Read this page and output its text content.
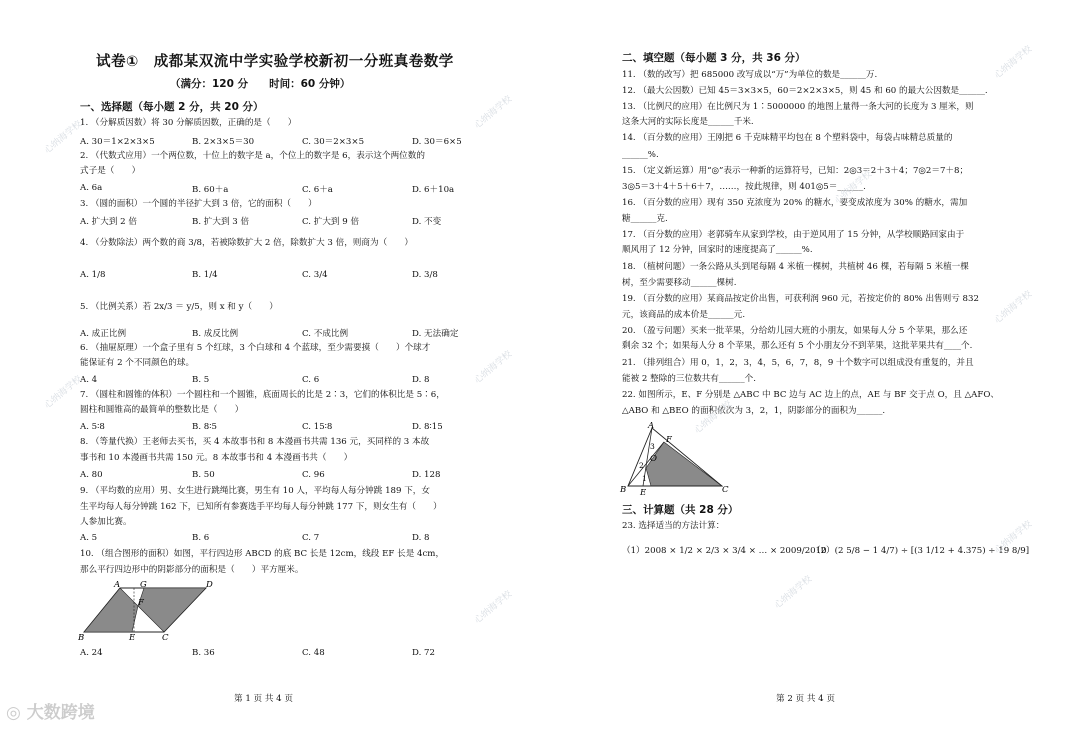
试卷①　成都某双流中学实验学校新初一分班真卷数学
（满分：120 分　　时间：60 分钟）
一、选择题（每小题 2 分，共 20 分）
1. （分解质因数）将 30 分解质因数，正确的是（　　）
A. 30＝1×2×3×5	B. 2×3×5＝30	C. 30＝2×3×5	D. 30＝6×5
2. （代数式应用）一个两位数，十位上的数字是 a，个位上的数字是 6，表示这个两位数的
式子是（　　）
A. 6a	B. 60＋a	C. 6＋a	D. 6＋10a
3. （圆的面积）一个圆的半径扩大到 3 倍，它的面积（　　）
A. 扩大到 2 倍	B. 扩大到 3 倍	C. 扩大到 9 倍	D. 不变
4. （分数除法）两个数的商 3/8，若被除数扩大 2 倍，除数扩大 3 倍，则商为（　　）
A. 1/8	B. 1/4	C. 3/4	D. 3/8
5. （比例关系）若 2x/3 ＝ y/5，则 x 和 y（　　）
A. 成正比例	B. 成反比例	C. 不成比例	D. 无法确定
6. （抽屉原理）一个盒子里有 5 个红球，3 个白球和 4 个蓝球，至少需要摸（　　）个球才
能保证有 2 个不同颜色的球。
A. 4	B. 5	C. 6	D. 8
7. （圆柱和圆锥的体积）一个圆柱和一个圆锥，底面周长的比是 2∶3，它们的体积比是 5∶6，
圆柱和圆锥高的最简单的整数比是（　　）
A. 5∶8	B. 8∶5	C. 15∶8	D. 8∶15
8. （等量代换）王老师去买书，买 4 本故事书和 8 本漫画书共需 136 元，买同样的 3 本故
事书和 10 本漫画书共需 150 元。8 本故事书和 4 本漫画书共（　　）
A. 80	B. 50	C. 96	D. 128
9. （平均数的应用）男、女生进行跳绳比赛，男生有 10 人，平均每人每分钟跳 189 下，女
生平均每人每分钟跳 162 下，已知所有参赛选手平均每人每分钟跳 177 下，则女生有（　　）
人参加比赛。
A. 5	B. 6	C. 7	D. 8
10. （组合图形的面积）如图，平行四边形 ABCD 的底 BC 长是 12cm，线段 EF 长是 4cm，
那么平行四边形中的阴影部分的面积是（　　）平方厘米。
A G	D
F
B	E	C
A. 24	B. 36	C. 48	D. 72
第 1 页 共 4 页
二、填空题（每小题 3 分，共 36 分）
11. （数的改写）把 685000 改写成以“万”为单位的数是______万.
12. （最大公因数）已知 45＝3×3×5，60＝2×2×3×5，则 45 和 60 的最大公因数是______.
13. （比例尺的应用）在比例尺为 1∶5000000 的地图上量得一条大河的长度为 3 厘米，则
这条大河的实际长度是______千米.
14. （百分数的应用）王刚把 6 千克味精平均包在 8 个塑料袋中，每袋占味精总质量的
______%.
15. （定义新运算）用“◎”表示一种新的运算符号，已知：2◎3＝2＋3＋4；7◎2＝7＋8；
3◎5＝3＋4＋5＋6＋7，……，按此规律，则 401◎5＝______.
16. （百分数的应用）现有 350 克浓度为 20% 的糖水，要变成浓度为 30% 的糖水，需加
糖______克.
17. （百分数的应用）老郭骑车从家到学校，由于逆风用了 15 分钟，从学校顺路回家由于
顺风用了 12 分钟，回家时的速度提高了______%.
18. （植树问题）一条公路从头到尾每隔 4 米植一棵树，共植树 46 棵，若每隔 5 米植一棵
树，至少需要移动______棵树.
19. （百分数的应用）某商品按定价出售，可获利润 960 元，若按定价的 80% 出售则亏 832
元，该商品的成本价是______元.
20. （盈亏问题）买来一批苹果，分给幼儿园大班的小朋友，如果每人分 5 个苹果，那么还
剩余 32 个；如果每人分 8 个苹果，那么还有 5 个小朋友分不到苹果，这批苹果共有____个.
21. （排列组合）用 0，1，2，3，4，5，6，7，8，9 十个数字可以组成没有重复的，并且
能被 2 整除的三位数共有______个.
22. 如图所示，E、F 分别是 △ABC 中 BC 边与 AC 边上的点，AE 与 BF 交于点 O，且 △AFO、
△ABO 和 △BEO 的面积依次为 3，2，1，阴影部分的面积为______.
A
F
3
O
2
1
B E	C
三、计算题（共 28 分）
23. 选择适当的方法计算：
（1）2008 × 1/2 × 2/3 × 3/4 × … × 2009/2010
（2）(2 5/8 − 1 4/7) ÷ [(3 1/12 + 4.375) ÷ 19 8/9]
第 2 页 共 4 页
心纳海学校
心纳海学校
心纳海学校
心纳海学校
心纳海学校
心纳海学校
心纳海学校
心纳海学校
心纳海学校
心纳海学校
心纳海学校
◎ 大数跨境
